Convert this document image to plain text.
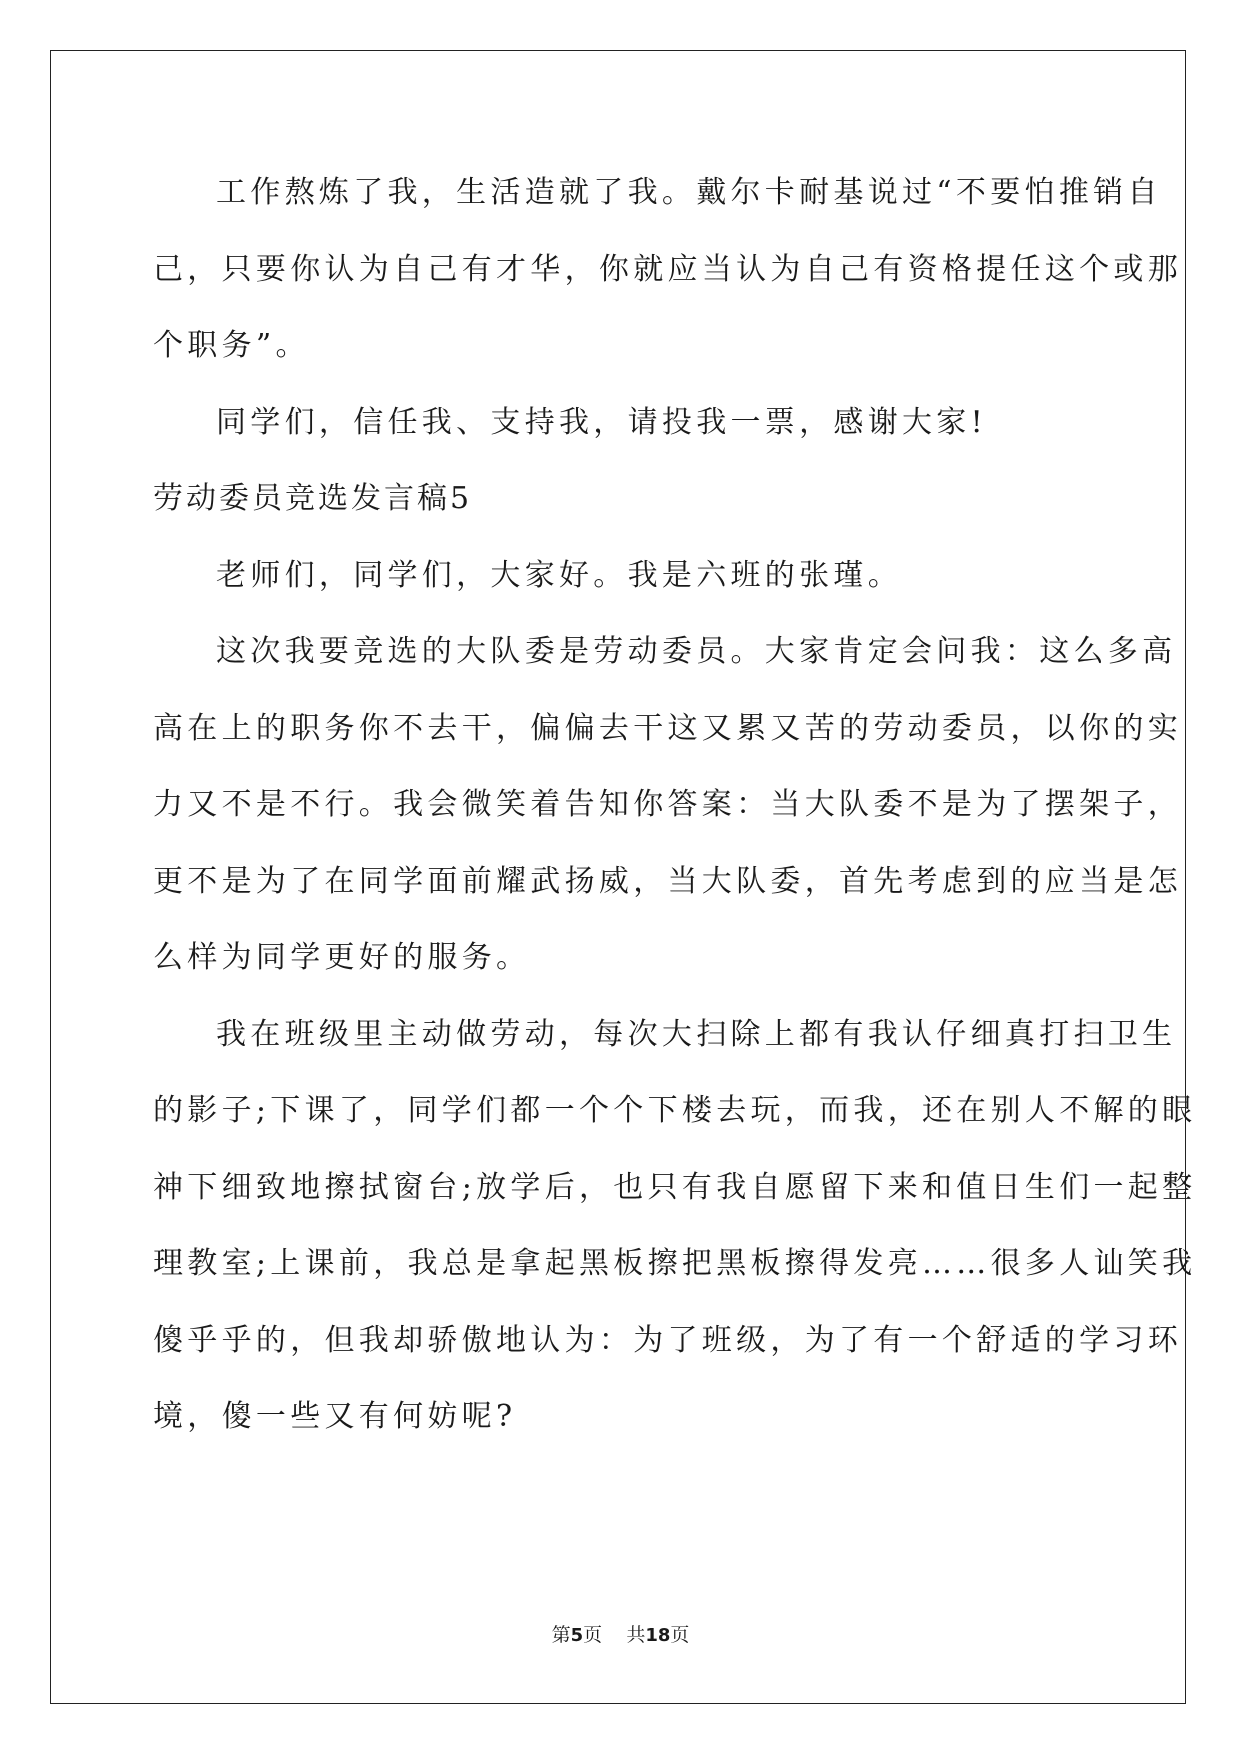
工作熬炼了我，生活造就了我。戴尔卡耐基说过“不要怕推销自
己，只要你认为自己有才华，你就应当认为自己有资格提任这个或那
个职务”。
同学们，信任我、支持我，请投我一票，感谢大家!
劳动委员竞选发言稿5
老师们，同学们，大家好。我是六班的张瑾。
这次我要竞选的大队委是劳动委员。大家肯定会问我：这么多高
高在上的职务你不去干，偏偏去干这又累又苦的劳动委员，以你的实
力又不是不行。我会微笑着告知你答案：当大队委不是为了摆架子，
更不是为了在同学面前耀武扬威，当大队委，首先考虑到的应当是怎
么样为同学更好的服务。
我在班级里主动做劳动，每次大扫除上都有我认仔细真打扫卫生
的影子;下课了，同学们都一个个下楼去玩，而我，还在别人不解的眼
神下细致地擦拭窗台;放学后，也只有我自愿留下来和值日生们一起整
理教室;上课前，我总是拿起黑板擦把黑板擦得发亮……很多人讪笑我
傻乎乎的，但我却骄傲地认为：为了班级，为了有一个舒适的学习环
境，傻一些又有何妨呢?
第5页 共18页
